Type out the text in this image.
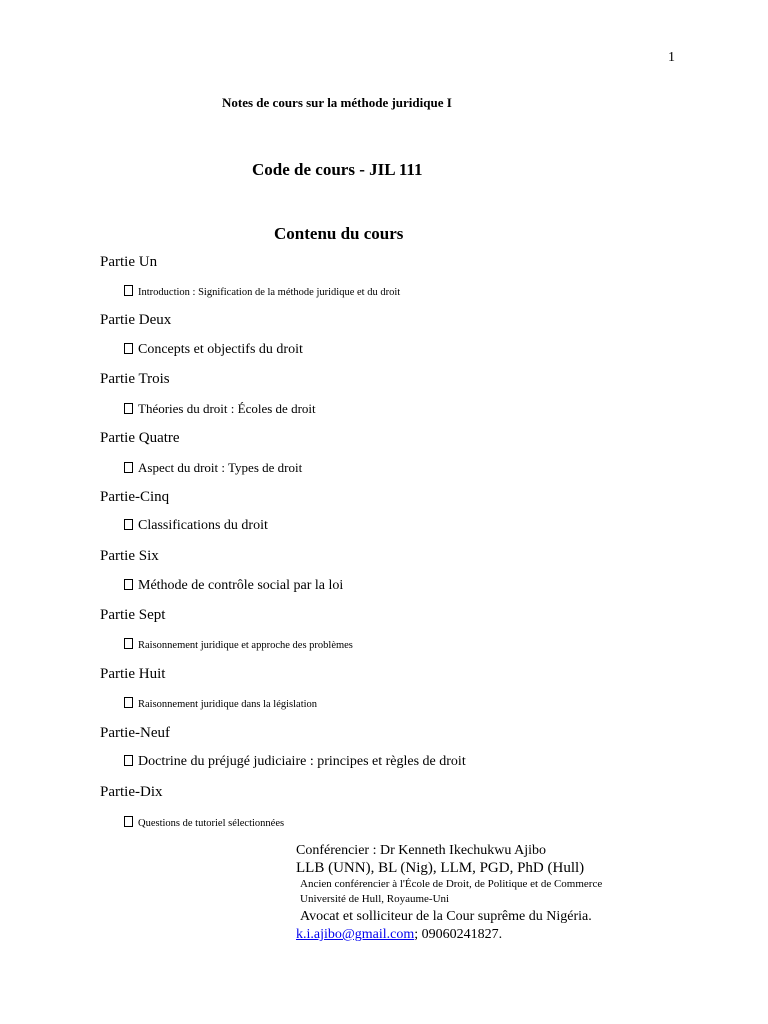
1
Notes de cours sur la méthode juridique I
Code de cours - JIL 111
Contenu du cours
Partie Un
Introduction : Signification de la méthode juridique et du droit
Partie Deux
Concepts et objectifs du droit
Partie Trois
Théories du droit : Écoles de droit
Partie Quatre
Aspect du droit : Types de droit
Partie-Cinq
Classifications du droit
Partie Six
Méthode de contrôle social par la loi
Partie Sept
Raisonnement juridique et approche des problèmes
Partie Huit
Raisonnement juridique dans la législation
Partie-Neuf
Doctrine du préjugé judiciaire : principes et règles de droit
Partie-Dix
Questions de tutoriel sélectionnées
Conférencier : Dr Kenneth Ikechukwu Ajibo
LLB (UNN), BL (Nig), LLM, PGD, PhD (Hull)
Ancien conférencier à l'École de Droit, de Politique et de Commerce
Université de Hull, Royaume-Uni
Avocat et solliciteur de la Cour suprême du Nigéria.
k.i.ajibo@gmail.com; 09060241827.
